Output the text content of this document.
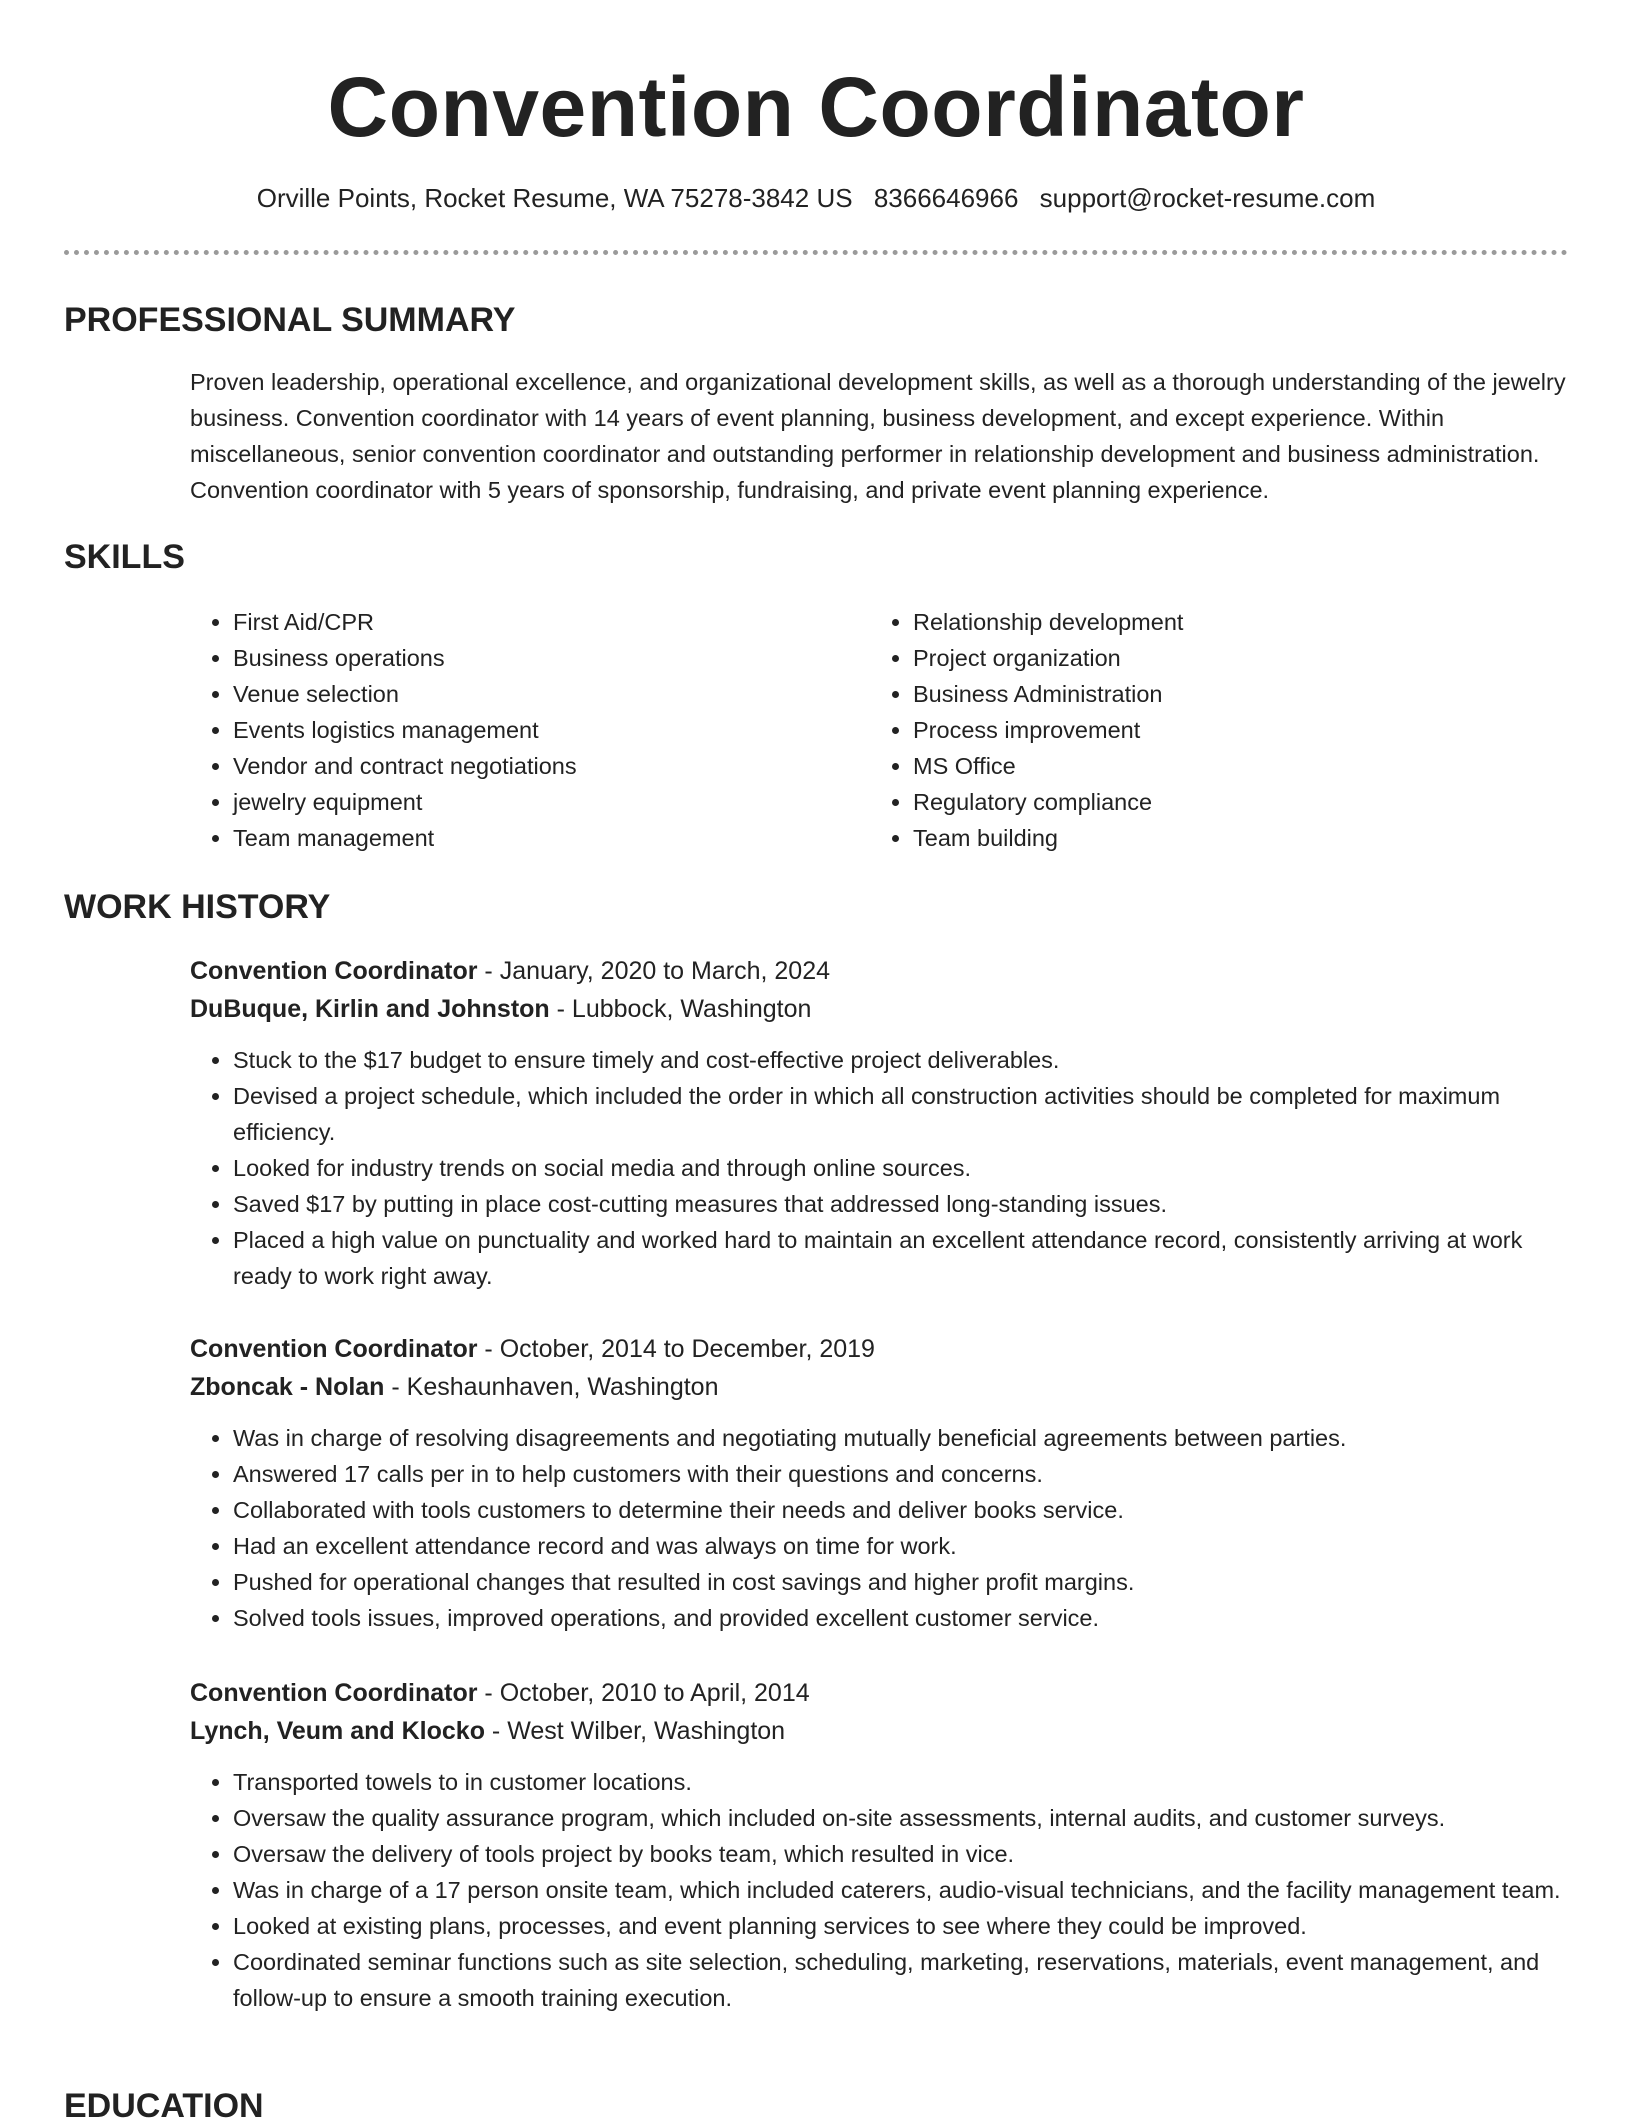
Convention Coordinator
Orville Points, Rocket Resume, WA 75278-3842 US 8366646966 support@rocket-resume.com
PROFESSIONAL SUMMARY

Proven leadership, operational excellence, and organizational development skills, as well as a thorough understanding of the jewelry business. Convention coordinator with 14 years of event planning, business development, and except experience. Within miscellaneous, senior convention coordinator and outstanding performer in relationship development and business administration. Convention coordinator with 5 years of sponsorship, fundraising, and private event planning experience.

SKILLS
• First Aid/CPR
• Business operations
• Venue selection
• Events logistics management
• Vendor and contract negotiations
• jewelry equipment
• Team management
• Relationship development
• Project organization
• Business Administration
• Process improvement
• MS Office
• Regulatory compliance
• Team building
WORK HISTORY

Convention Coordinator - January, 2020 to March, 2024

DuBuque, Kirlin and Johnston - Lubbock, Washington

• Stuck to the $17 budget to ensure timely and cost-effective project deliverables.
• Devised a project schedule, which included the order in which all construction activities should be completed for maximum efficiency.
• Looked for industry trends on social media and through online sources.
• Saved $17 by putting in place cost-cutting measures that addressed long-standing issues.
• Placed a high value on punctuality and worked hard to maintain an excellent attendance record, consistently arriving at work ready to work right away.

Convention Coordinator - October, 2014 to December, 2019

Zboncak - Nolan - Keshaunhaven, Washington

• Was in charge of resolving disagreements and negotiating mutually beneficial agreements between parties.
• Answered 17 calls per in to help customers with their questions and concerns.
• Collaborated with tools customers to determine their needs and deliver books service.
• Had an excellent attendance record and was always on time for work.
• Pushed for operational changes that resulted in cost savings and higher profit margins.
• Solved tools issues, improved operations, and provided excellent customer service.

Convention Coordinator - October, 2010 to April, 2014

Lynch, Veum and Klocko - West Wilber, Washington

• Transported towels to in customer locations.
• Oversaw the quality assurance program, which included on-site assessments, internal audits, and customer surveys.
• Oversaw the delivery of tools project by books team, which resulted in vice.
• Was in charge of a 17 person onsite team, which included caterers, audio-visual technicians, and the facility management team.
• Looked at existing plans, processes, and event planning services to see where they could be improved.
• Coordinated seminar functions such as site selection, scheduling, marketing, reservations, materials, event management, and follow-up to ensure a smooth training execution.
EDUCATION
